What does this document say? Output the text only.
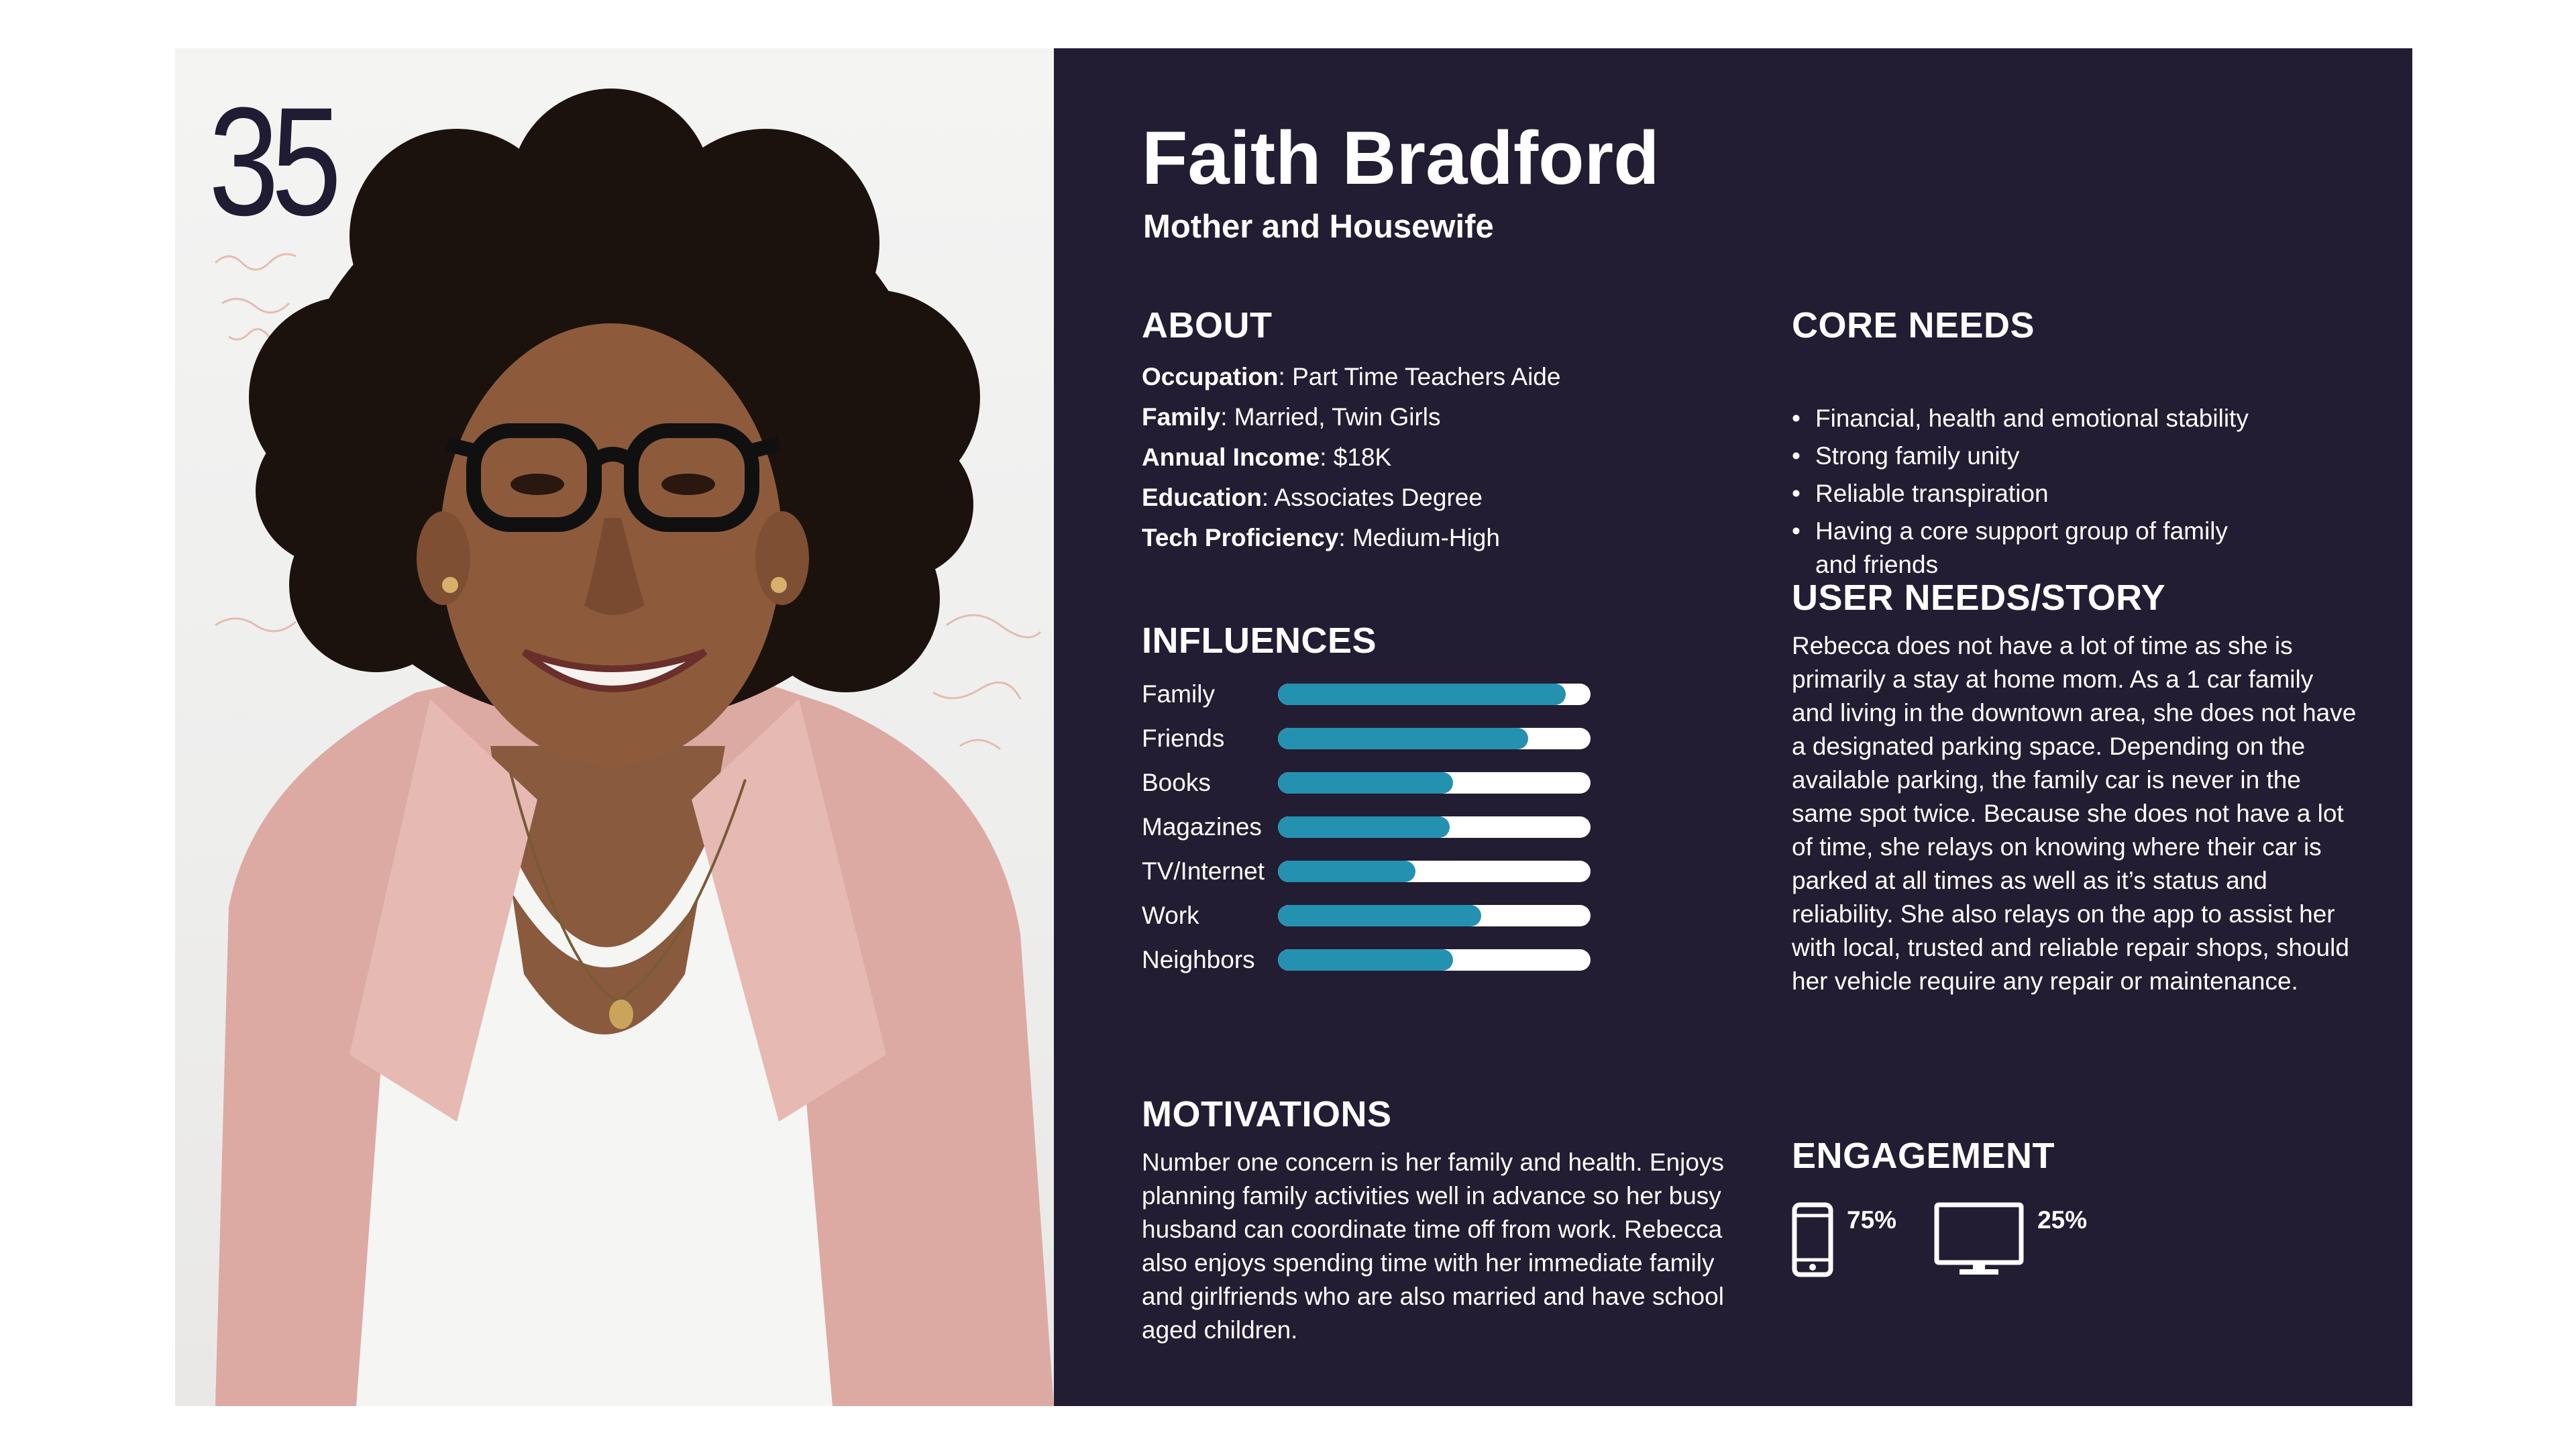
35	Faith Bradford
Mother and Housewife
ABOUT
Occupation: Part Time Teachers Aide
Family: Married, Twin Girls
Annual Income: $18K
Education: Associates Degree
Tech Proficiency: Medium-High
INFLUENCES
Family
Friends
Books
Magazines
TV/Internet
Work
Neighbors
MOTIVATIONS

Number one concern is her family and health. Enjoys planning family activities well in advance so her busy husband can coordinate time off from work. Rebecca also enjoys spending time with her immediate family and girlfriends who are also married and have school aged children.

CORE NEEDS
• Financial, health and emotional stability
• Strong family unity
• Reliable transpiration
• Having a core support group of family and friends
USER NEEDS/STORY

Rebecca does not have a lot of time as she is primarily a stay at home mom. As a 1 car family and living in the downtown area, she does not have a designated parking space. Depending on the available parking, the family car is never in the same spot twice. Because she does not have a lot of time, she relays on knowing where their car is parked at all times as well as it’s status and reliability. She also relays on the app to assist her with local, trusted and reliable repair shops, should her vehicle require any repair or maintenance.

ENGAGEMENT
75%	25%
